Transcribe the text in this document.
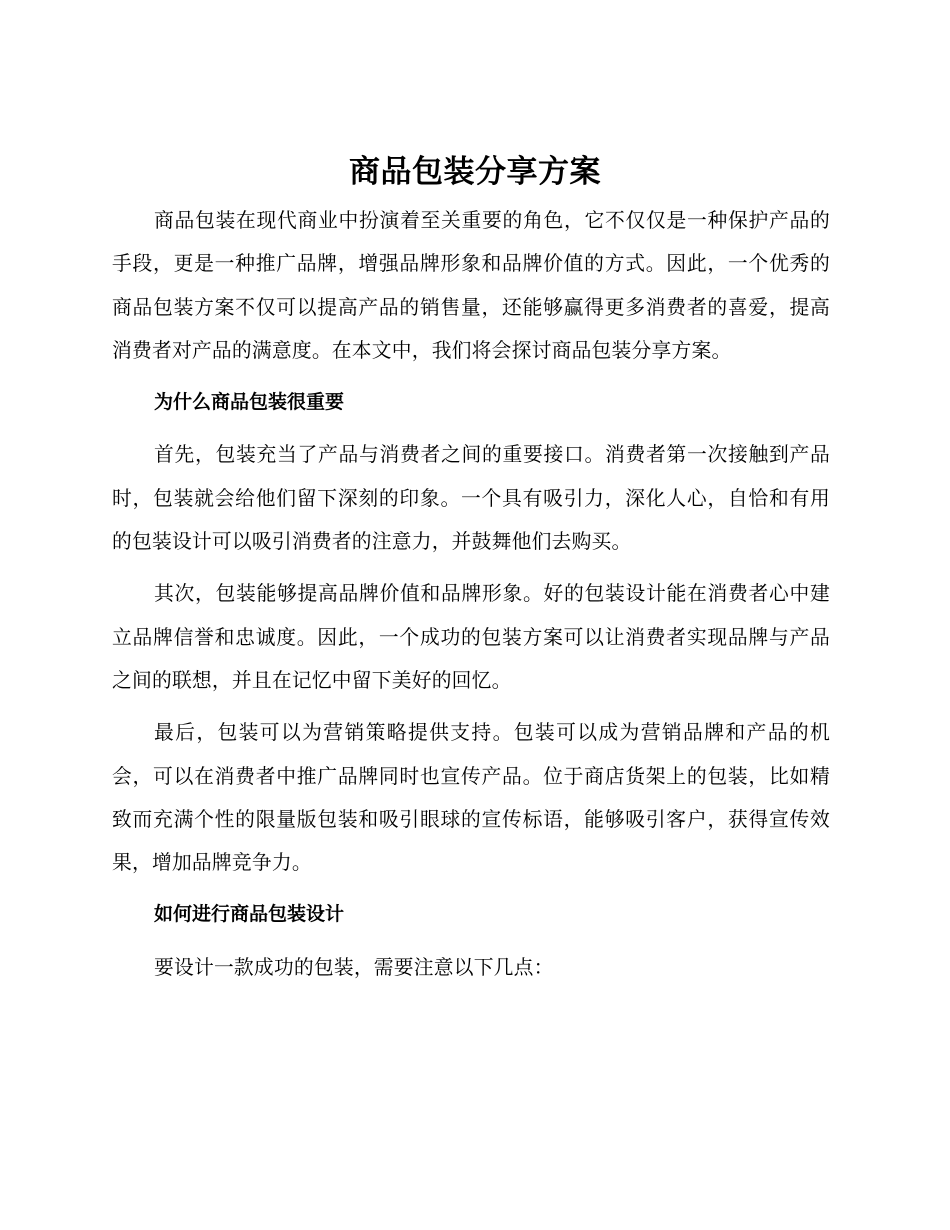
商品包装分享方案

商品包装在现代商业中扮演着至关重要的角色，它不仅仅是一种保护产品的手段，更是一种推广品牌，增强品牌形象和品牌价值的方式。因此，一个优秀的商品包装方案不仅可以提高产品的销售量，还能够赢得更多消费者的喜爱，提高消费者对产品的满意度。在本文中，我们将会探讨商品包装分享方案。

为什么商品包装很重要

首先，包装充当了产品与消费者之间的重要接口。消费者第一次接触到产品时，包装就会给他们留下深刻的印象。一个具有吸引力，深化人心，自恰和有用的包装设计可以吸引消费者的注意力，并鼓舞他们去购买。

其次，包装能够提高品牌价值和品牌形象。好的包装设计能在消费者心中建立品牌信誉和忠诚度。因此，一个成功的包装方案可以让消费者实现品牌与产品之间的联想，并且在记忆中留下美好的回忆。

最后，包装可以为营销策略提供支持。包装可以成为营销品牌和产品的机会，可以在消费者中推广品牌同时也宣传产品。位于商店货架上的包装，比如精致而充满个性的限量版包装和吸引眼球的宣传标语，能够吸引客户，获得宣传效果，增加品牌竞争力。

如何进行商品包装设计

要设计一款成功的包装，需要注意以下几点：
